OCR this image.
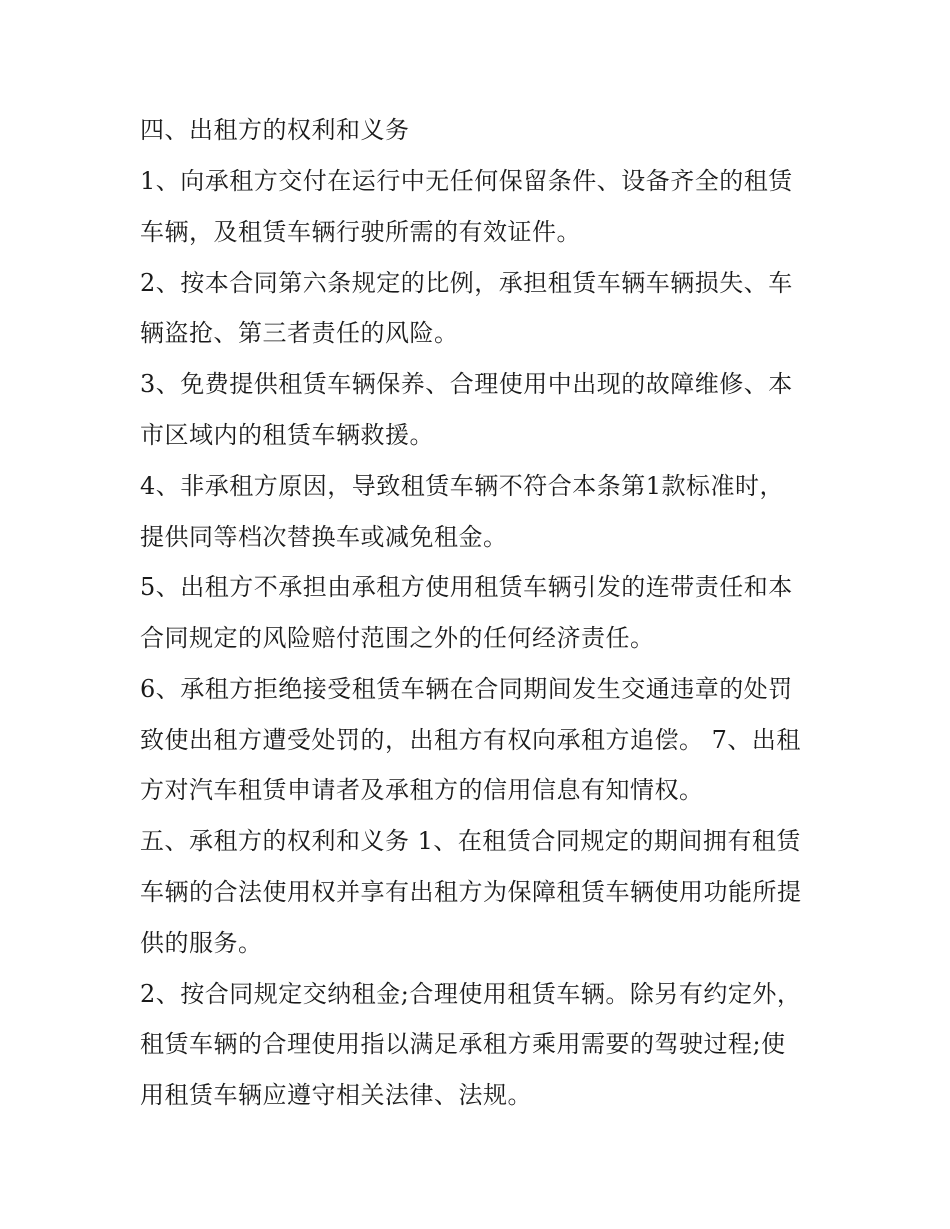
四、出租方的权利和义务

1、向承租方交付在运行中无任何保留条件、设备齐全的租赁

车辆，及租赁车辆行驶所需的有效证件。

2、按本合同第六条规定的比例，承担租赁车辆车辆损失、车

辆盗抢、第三者责任的风险。

3、免费提供租赁车辆保养、合理使用中出现的故障维修、本

市区域内的租赁车辆救援。

4、非承租方原因，导致租赁车辆不符合本条第1款标准时，

提供同等档次替换车或减免租金。

5、出租方不承担由承租方使用租赁车辆引发的连带责任和本

合同规定的风险赔付范围之外的任何经济责任。

6、承租方拒绝接受租赁车辆在合同期间发生交通违章的处罚

致使出租方遭受处罚的，出租方有权向承租方追偿。 7、出租

方对汽车租赁申请者及承租方的信用信息有知情权。

五、承租方的权利和义务 1、在租赁合同规定的期间拥有租赁

车辆的合法使用权并享有出租方为保障租赁车辆使用功能所提

供的服务。

2、按合同规定交纳租金;合理使用租赁车辆。除另有约定外，

租赁车辆的合理使用指以满足承租方乘用需要的驾驶过程;使

用租赁车辆应遵守相关法律、法规。
